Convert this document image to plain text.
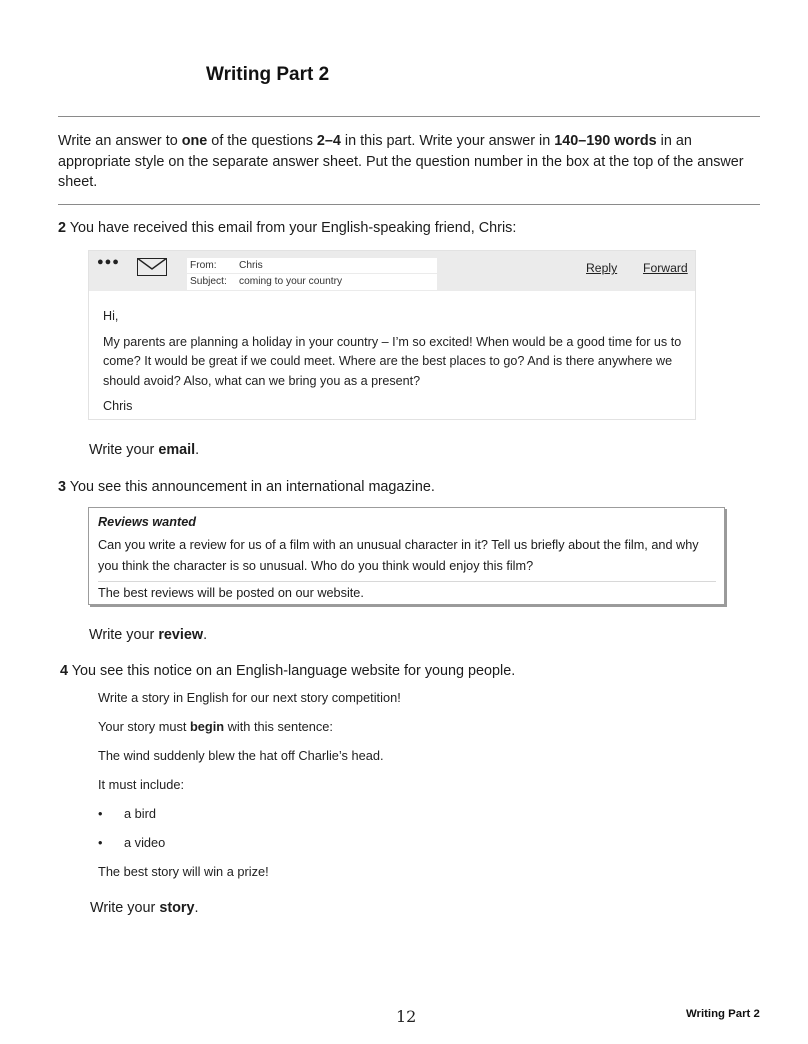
Writing Part 2
Write an answer to one of the questions 2–4 in this part. Write your answer in 140–190 words in an appropriate style on the separate answer sheet. Put the question number in the box at the top of the answer sheet.
2 You have received this email from your English-speaking friend, Chris:
●●●	From: Chris
Subject: coming to your country
Reply Forward

Hi,

My parents are planning a holiday in your country – I’m so excited! When would be a good time for us to come? It would be great if we could meet. Where are the best places to go? And is there anywhere we should avoid? Also, what can we bring you as a present?

Chris

Write your email.
3 You see this announcement in an international magazine.
Reviews wanted
Can you write a review for us of a film with an unusual character in it? Tell us briefly about the film, and why you think the character is so unusual. Who do you think would enjoy this film?
The best reviews will be posted on our website.
Write your review.
4 You see this notice on an English-language website for young people.
Write a story in English for our next story competition!
Your story must begin with this sentence:
The wind suddenly blew the hat off Charlie’s head.
It must include:
• a bird
• a video
The best story will win a prize!
Write your story.
12	Writing Part 2
